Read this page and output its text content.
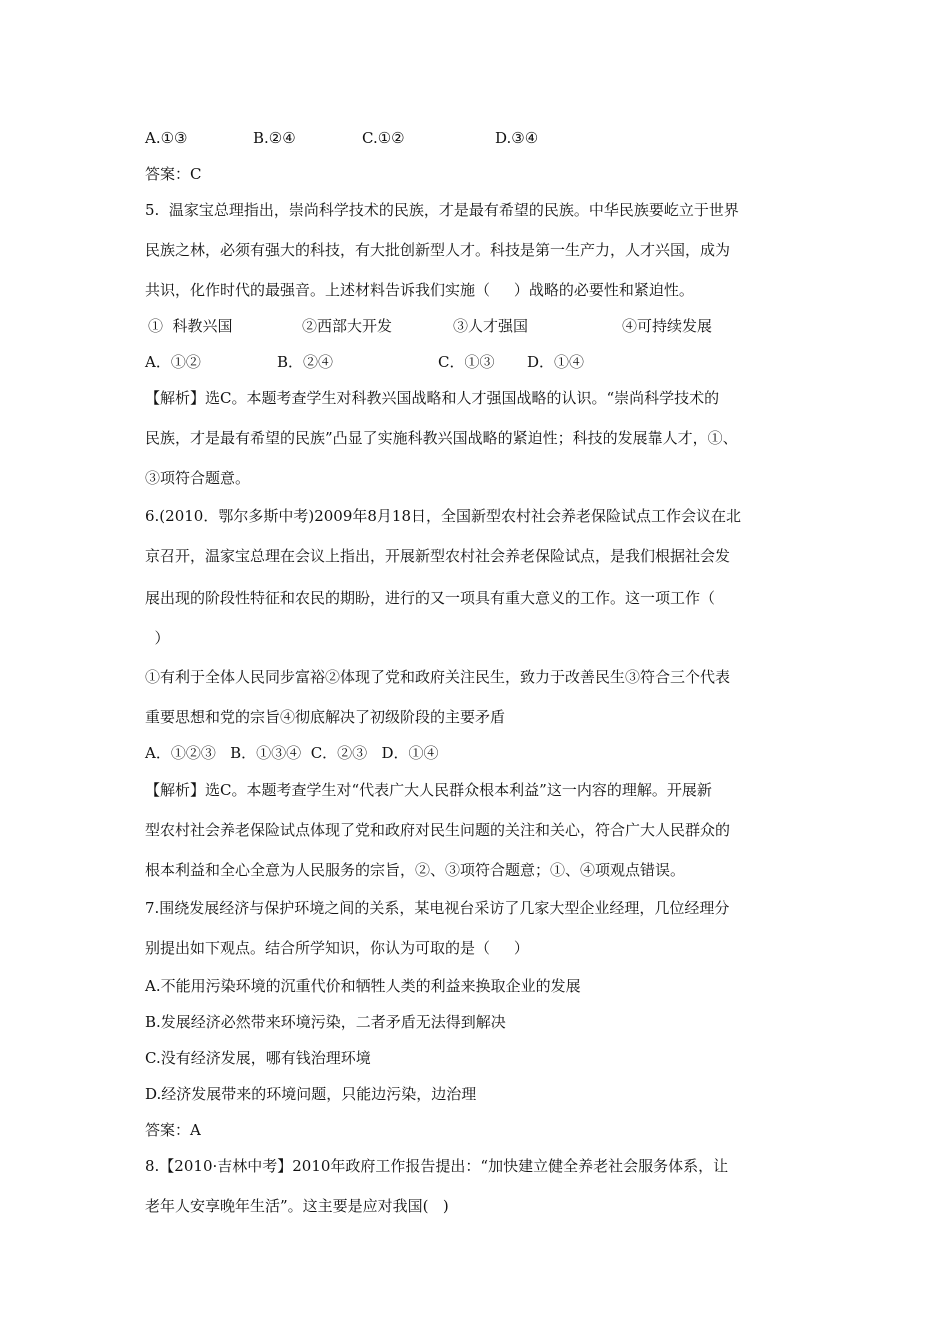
A.①③	B.②④	C.①②	D.③④
答案：C
5.  温家宝总理指出，崇尚科学技术的民族，才是最有希望的民族。中华民族要屹立于世界
民族之林，必须有强大的科技，有大批创新型人才。科技是第一生产力，人才兴国，成为
共识，化作时代的最强音。上述材料告诉我们实施（     ）战略的必要性和紧迫性。
①  科教兴国	②西部大开发	③人才强国	④可持续发展
A．①②	B．②④	C．①③ D．①④
【解析】选C。本题考查学生对科教兴国战略和人才强国战略的认识。“崇尚科学技术的
民族，才是最有希望的民族”凸显了实施科教兴国战略的紧迫性；科技的发展靠人才，①、
③项符合题意。
6.(2010．鄂尔多斯中考)2009年8月18日，全国新型农村社会养老保险试点工作会议在北
京召开，温家宝总理在会议上指出，开展新型农村社会养老保险试点，是我们根据社会发
展出现的阶段性特征和农民的期盼，进行的又一项具有重大意义的工作。这一项工作（
）
①有利于全体人民同步富裕②体现了党和政府关注民生，致力于改善民生③符合三个代表
重要思想和党的宗旨④彻底解决了初级阶段的主要矛盾
A．①②③   B．①③④  C．②③   D．①④
【解析】选C。本题考查学生对“代表广大人民群众根本利益”这一内容的理解。开展新
型农村社会养老保险试点体现了党和政府对民生问题的关注和关心，符合广大人民群众的
根本利益和全心全意为人民服务的宗旨，②、③项符合题意；①、④项观点错误。
7.围绕发展经济与保护环境之间的关系，某电视台采访了几家大型企业经理，几位经理分
别提出如下观点。结合所学知识，你认为可取的是（     ）
A.不能用污染环境的沉重代价和牺牲人类的利益来换取企业的发展
B.发展经济必然带来环境污染，二者矛盾无法得到解决
C.没有经济发展，哪有钱治理环境
D.经济发展带来的环境问题，只能边污染，边治理
答案：A
8.【2010·吉林中考】2010年政府工作报告提出：“加快建立健全养老社会服务体系，让
老年人安享晚年生活”。这主要是应对我国(   )
